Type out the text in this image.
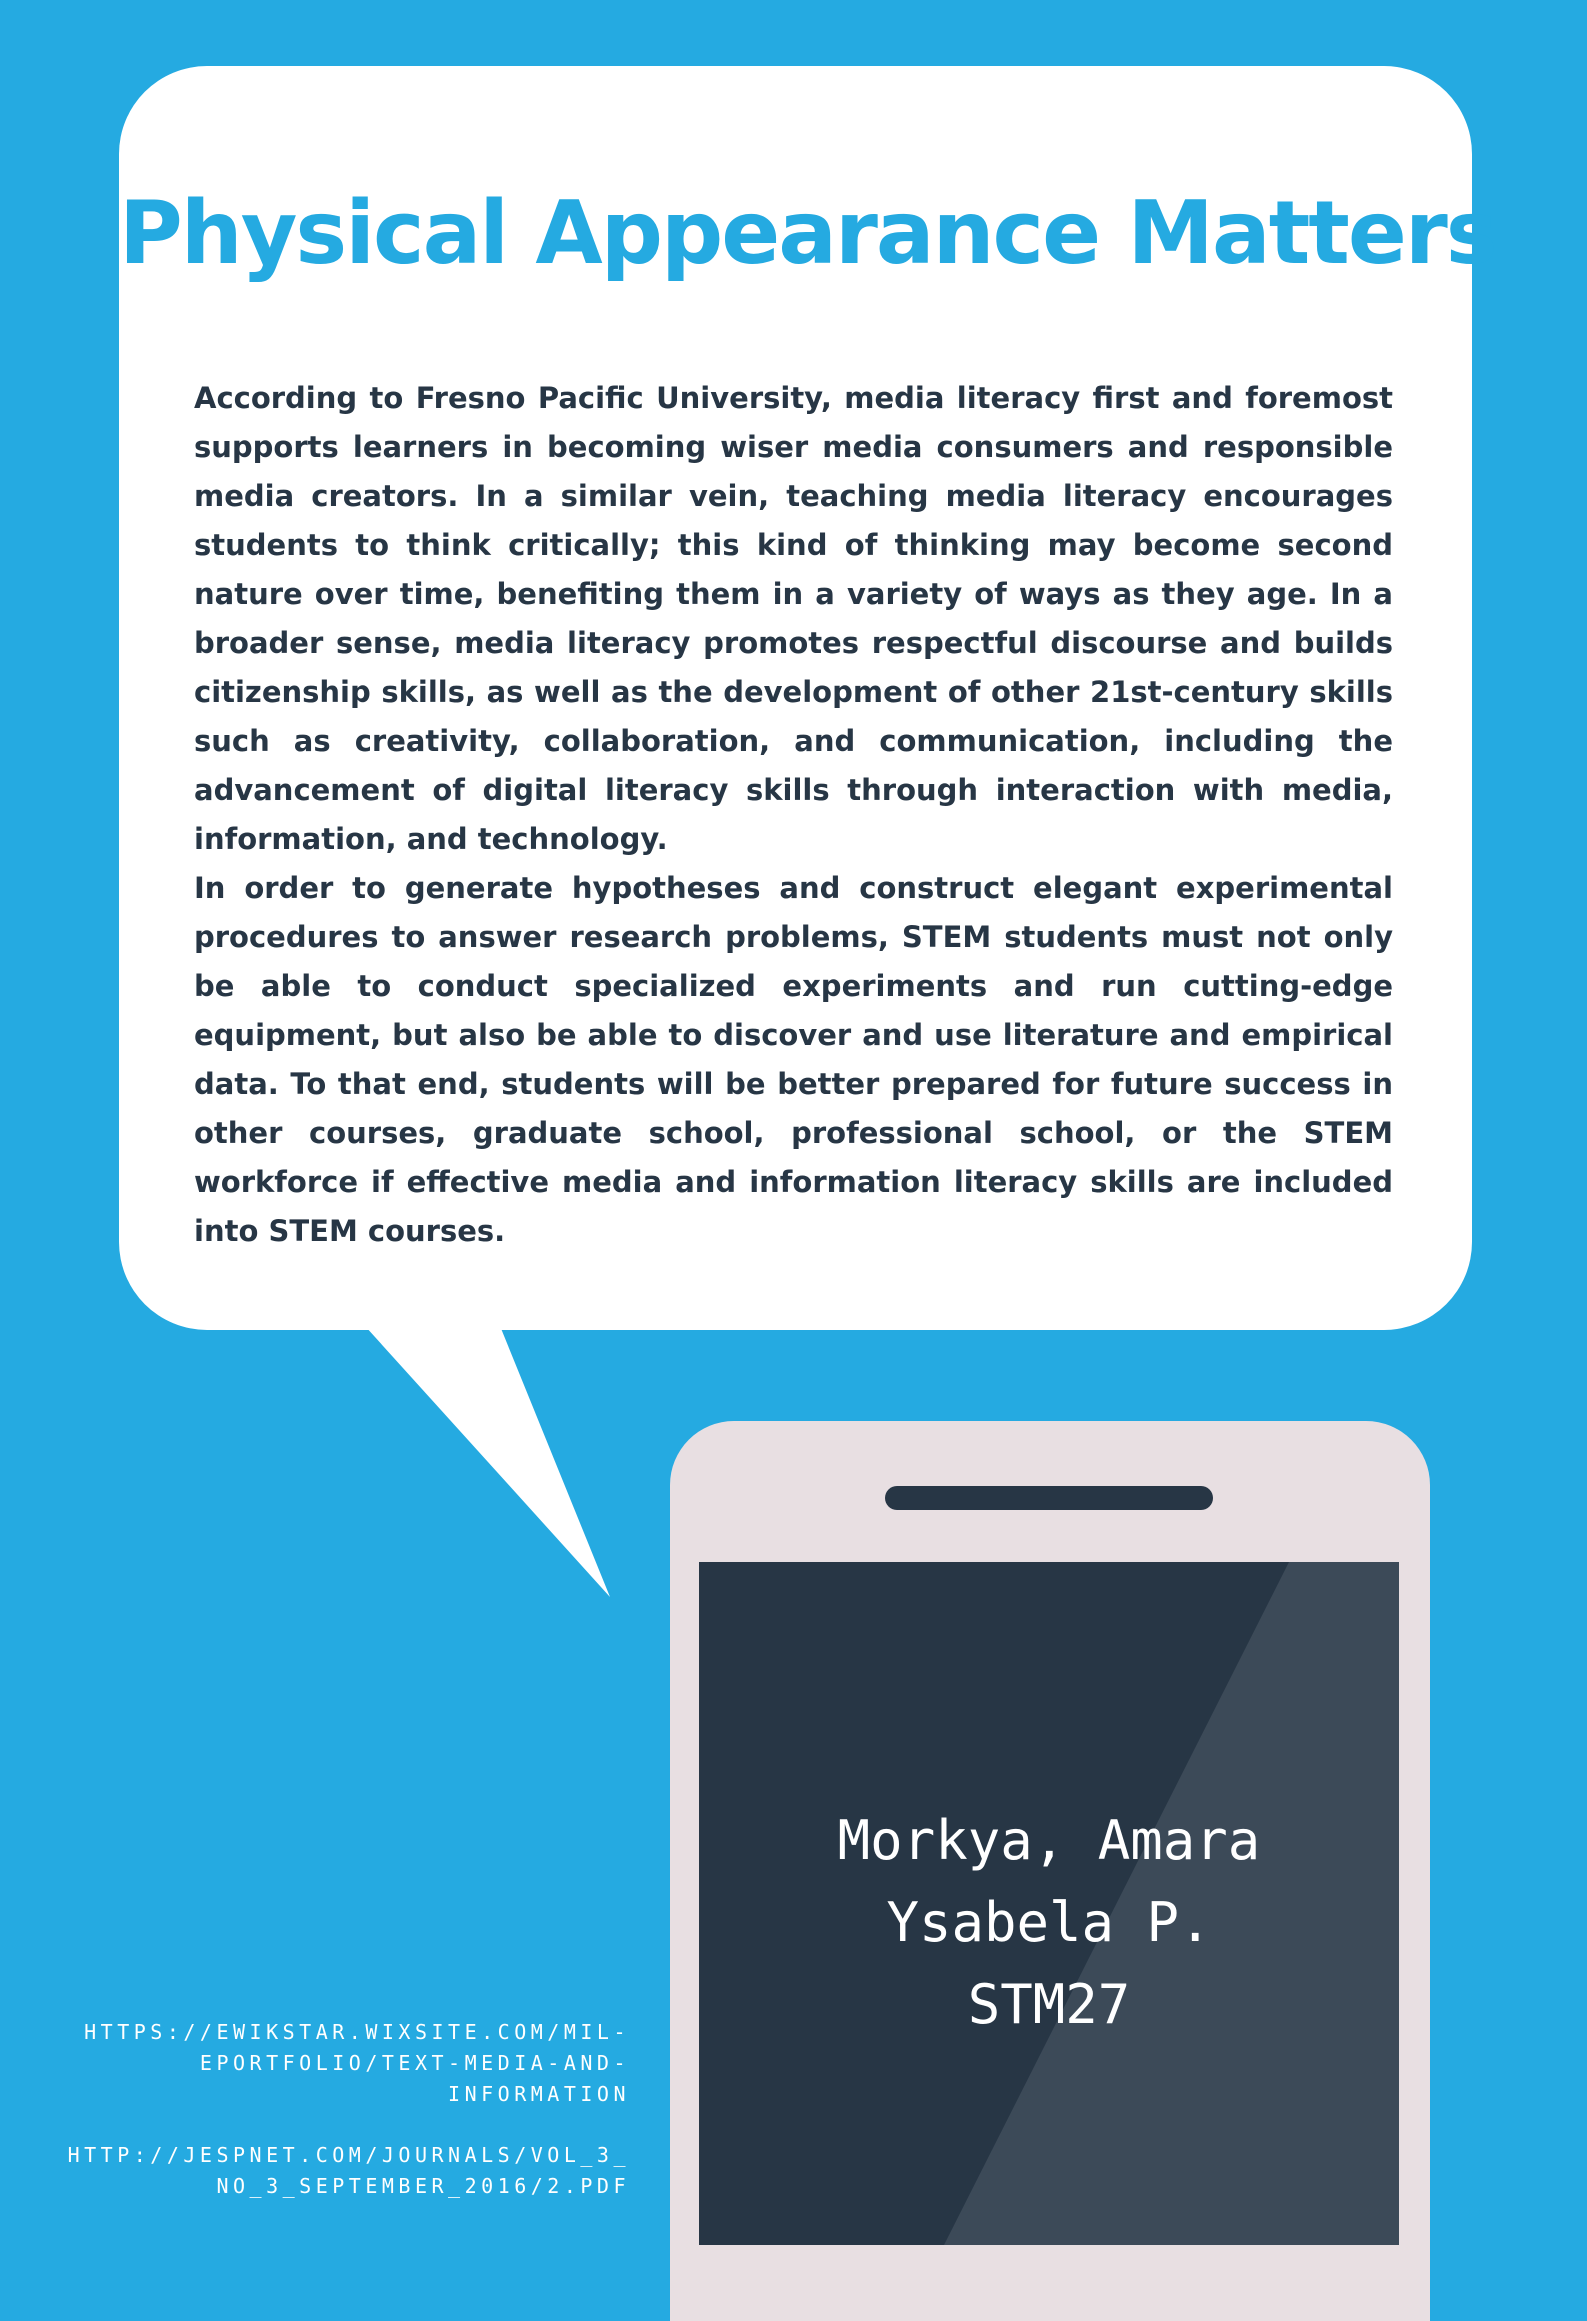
Physical Appearance Matters

According to Fresno Pacific University, media literacy first and foremost supports learners in becoming wiser media consumers and responsible media creators. In a similar vein, teaching media literacy encourages students to think critically; this kind of thinking may become second nature over time, benefiting them in a variety of ways as they age. In a broader sense, media literacy promotes respectful discourse and builds citizenship skills, as well as the development of other 21st-century skills such as creativity, collaboration, and communication, including the advancement of digital literacy skills through interaction with media, information, and technology.

In order to generate hypotheses and construct elegant experimental procedures to answer research problems, STEM students must not only be able to conduct specialized experiments and run cutting-edge equipment, but also be able to discover and use literature and empirical data. To that end, students will be better prepared for future success in other courses, graduate school, professional school, or the STEM workforce if effective media and information literacy skills are included into STEM courses.

Morkya, Amara
Ysabela P.
STM27
HTTPS://EWIKSTAR.WIXSITE.COM/MIL-
EPORTFOLIO/TEXT-MEDIA-AND-
INFORMATION
HTTP://JESPNET.COM/JOURNALS/VOL_3_
NO_3_SEPTEMBER_2016/2.PDF
